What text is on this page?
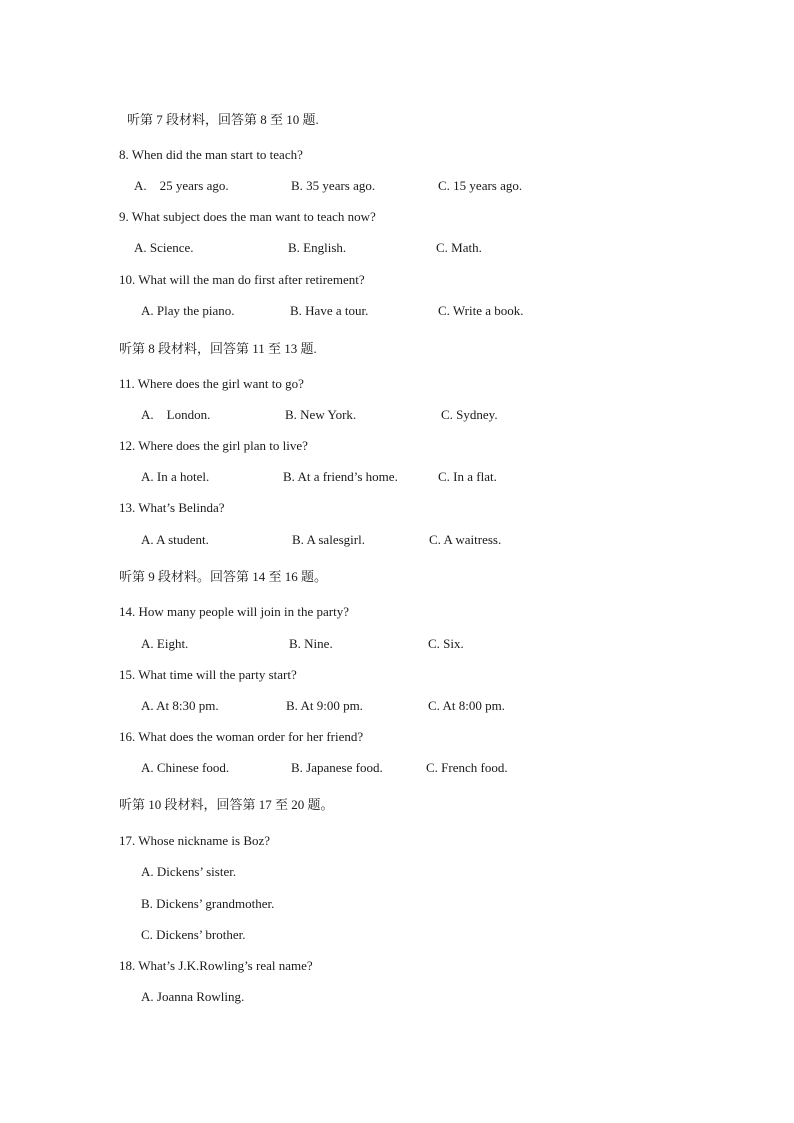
听第 7 段材料，回答第 8 至 10 题.
8. When did the man start to teach?
A.　25 years ago.	B. 35 years ago.	C. 15 years ago.
9. What subject does the man want to teach now?
A. Science.	B. English.	C. Math.
10. What will the man do first after retirement?
A. Play the piano.	B. Have a tour.	C. Write a book.
听第 8 段材料，回答第 11 至 13 题.
11. Where does the girl want to go?
A.　London.	B. New York.	C. Sydney.
12. Where does the girl plan to live?
A. In a hotel.	B. At a friend’s home.	C. In a flat.
13. What’s Belinda?
A. A student.	B. A salesgirl.	C. A waitress.
听第 9 段材料。回答第 14 至 16 题。
14. How many people will join in the party?
A. Eight.	B. Nine.	C. Six.
15. What time will the party start?
A. At 8:30 pm.	B. At 9:00 pm.	C. At 8:00 pm.
16. What does the woman order for her friend?
A. Chinese food.	B. Japanese food.	C. French food.
听第 10 段材料，回答第 17 至 20 题。
17. Whose nickname is Boz?
A. Dickens’ sister.
B. Dickens’ grandmother.
C. Dickens’ brother.
18. What’s J.K.Rowling’s real name?
A. Joanna Rowling.
